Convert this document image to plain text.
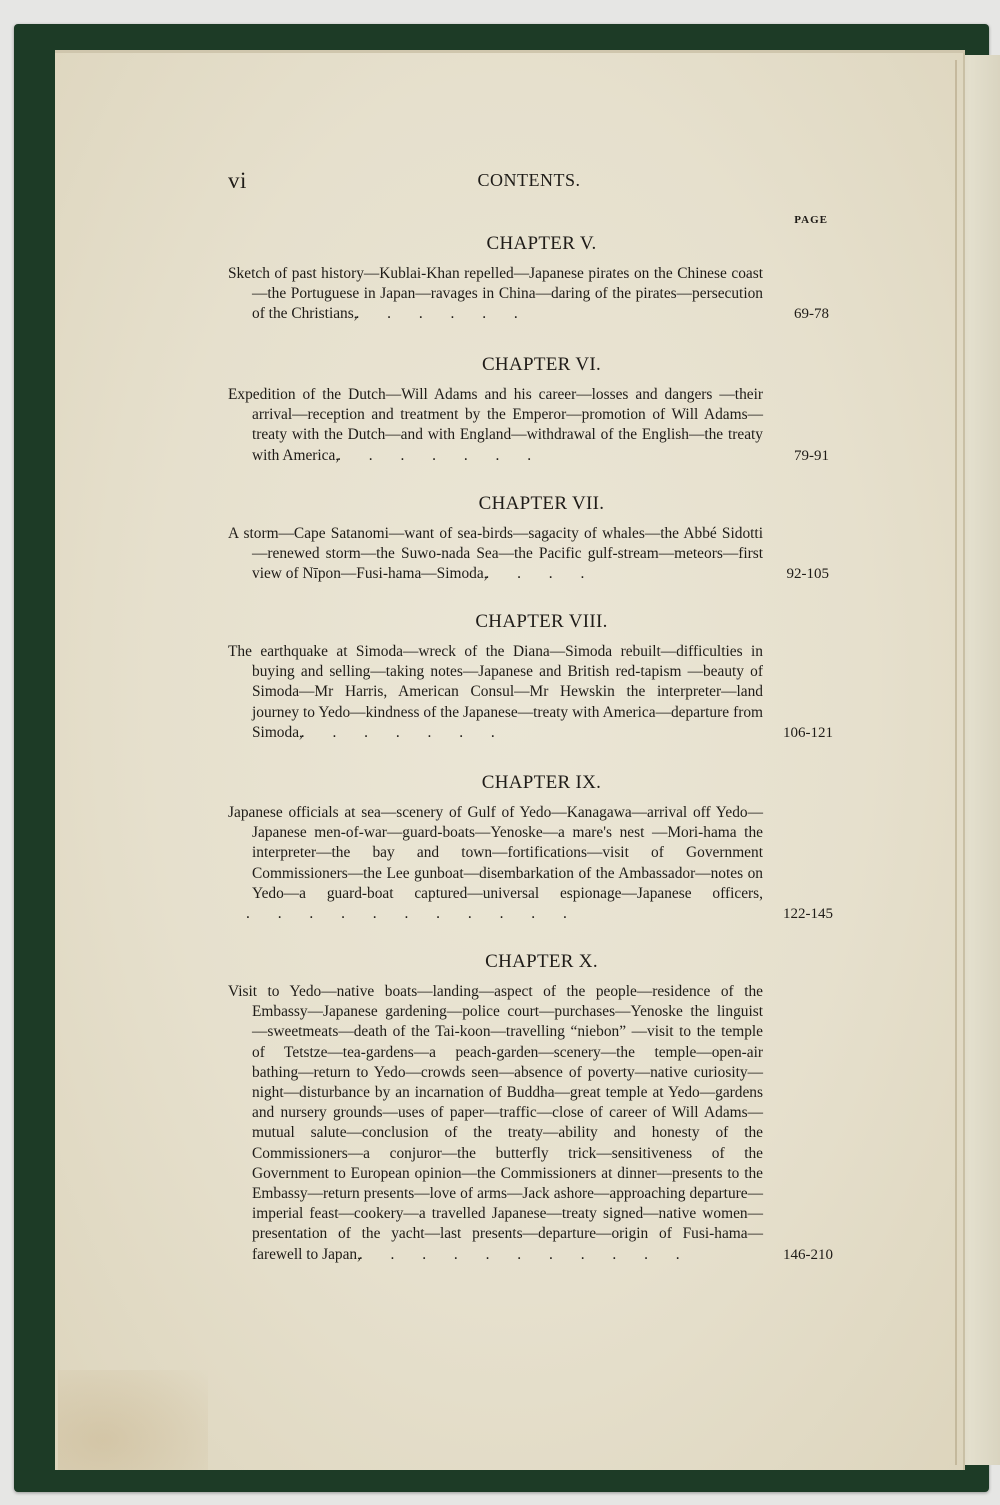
vi	CONTENTS.
PAGE
CHAPTER V.
Sketch of past history—Kublai-Khan repelled—Japanese pirates on the Chinese coast—the Portuguese in Japan—ravages in China—daring of the pirates—persecution of the Christians, . . . . . .	69-78
CHAPTER VI.
Expedition of the Dutch—Will Adams and his career—losses and dangers —their arrival—reception and treatment by the Emperor—promotion of Will Adams—treaty with the Dutch—and with England—withdrawal of the English—the treaty with America, . . . . . . .	79-91
CHAPTER VII.
A storm—Cape Satanomi—want of sea-birds—sagacity of whales—the Abbé Sidotti—renewed storm—the Suwo-nada Sea—the Pacific gulf-stream—meteors—first view of Nīpon—Fusi-hama—Simoda, . . . .	92-105
CHAPTER VIII.
The earthquake at Simoda—wreck of the Diana—Simoda rebuilt—difficulties in buying and selling—taking notes—Japanese and British red-tapism —beauty of Simoda—Mr Harris, American Consul—Mr Hewskin the interpreter—land journey to Yedo—kindness of the Japanese—treaty with America—departure from Simoda, . . . . . . .	106-121
CHAPTER IX.
Japanese officials at sea—scenery of Gulf of Yedo—Kanagawa—arrival off Yedo—Japanese men-of-war—guard-boats—Yenoske—a mare's nest —Mori-hama the interpreter—the bay and town—fortifications—visit of Government Commissioners—the Lee gunboat—disembarkation of the Ambassador—notes on Yedo—a guard-boat captured—universal espionage—Japanese officers, . . . . . . . . . . .	122-145
CHAPTER X.
Visit to Yedo—native boats—landing—aspect of the people—residence of the Embassy—Japanese gardening—police court—purchases—Yenoske the linguist—sweetmeats—death of the Tai-koon—travelling “niebon” —visit to the temple of Tetstze—tea-gardens—a peach-garden—scenery—the temple—open-air bathing—return to Yedo—crowds seen—absence of poverty—native curiosity—night—disturbance by an incarnation of Buddha—great temple at Yedo—gardens and nursery grounds—uses of paper—traffic—close of career of Will Adams—mutual salute—conclusion of the treaty—ability and honesty of the Commissioners—a conjuror—the butterfly trick—sensitiveness of the Government to European opinion—the Commissioners at dinner—presents to the Embassy—return presents—love of arms—Jack ashore—approaching departure—imperial feast—cookery—a travelled Japanese—treaty signed—native women—presentation of the yacht—last presents—departure—origin of Fusi-hama—farewell to Japan, . . . . . . . . . . .	146-210
